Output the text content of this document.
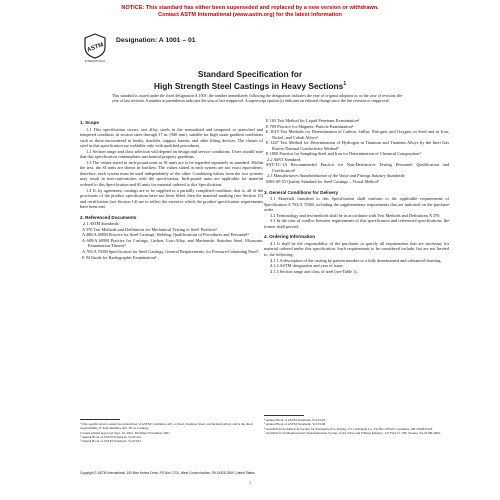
NOTICE: This standard has either been superseded and replaced by a new version or withdrawn.
Contact ASTM International (www.astm.org) for the latest information
ASTM
INTERNATIONAL
Designation: A 1001 – 01
Standard Specification for
High Strength Steel Castings in Heavy Sections$^1$
This standard is issued under the fixed designation A 1001; the number immediately following the designation indicates the year of original adoption or, in the case of revision, the year of last revision. A number in parentheses indicates the year of last reapproval. A superscript epsilon (ε) indicates an editorial change since the last revision or reapproval.
1. Scope

1.1 This specification covers cast alloy steels in the normalized and tempered or quenched and tempered condition, in section sizes through 37 in. (940 mm), suitable for high strain gradient conditions such as those encountered in hooks, shackles, support frames, and other lifting devices. The classes of steel in this specification are weldable only with qualified procedures.

1.2 Section range and class selection will depend on design and service conditions. Users should note that this specification contemplates mechanical property gradients.

1.3 The values stated in inch-pound units or SI units are to be regarded separately as standard. Within the text, the SI units are shown in brackets. The values stated in each system are not exact equivalents; therefore, each system must be used independently of the other. Combining values from the two systems may result in non-conformities with the specification. Inch-pound units are applicable for material ordered to this Specification and SI units for material ordered to this Specification.

1.4 If, by agreement, castings are to be supplied in a partially completed condition, that is, all of the provisions of the product specification have not been filled, then the material marking (see Section 15) and certification (see Section 14) are to reflect the extent to which the product specification requirements have been met.

2. Referenced Documents

2.1 ASTM Standards:

A 370 Test Methods and Definitions for Mechanical Testing of Steel Products²

A 488/A 488M Practice for Steel Castings, Welding, Qualifications of Procedures and Personnel³

A 609/A 609M Practice for Castings, Carbon, Low-Alloy, and Martensitic Stainless Steel, Ultrasonic Examination Thereof³

A 703/A 703M Specification for Steel Castings, General Requirements, for Pressure-Containing Parts³

E 94 Guide for Radiographic Examination⁴

E 165 Test Method for Liquid Penetrant Examination⁴

E 709 Practice for Magnetic Particle Examination⁴

E 1019 Test Methods for Determination of Carbon, Sulfur, Nitrogen, and Oxygen, in Steel and in Iron, Nickel, and Cobalt Alloys⁵

E 1447 Test Method for Determination of Hydrogen in Titanium and Titanium Alloys by the Inert Gas Fusion Thermal Conductivity Method⁵

E 1806 Practice for Sampling Steel and Iron for Determination of Chemical Composition⁵

2.2 ASNT Standard:

SNT-TC-1A Recommended Practice for Non-Destructive Testing Personnel Qualification and Certification⁶

2.3 Manufacturers Standardization of the Value and Fittings Industry Standards:

MSS SP-55 Quality Standard for Steel Castings – Visual Method⁷

3. General Conditions for Delivery

3.1 Materials furnished to this Specification shall conform to the applicable requirements of Specification A 703/A 703M, including the supplementary requirements that are indicated on the purchase order.

3.2 Terminology and test methods shall be in accordance with Test Methods and Definitions A 370.

3.3 In the case of conflict between requirements of this specification and referenced specifications, the former shall prevail.

4. Ordering Information

4.1 It shall be the responsibility of the purchaser to specify all requirements that are necessary for material ordered under this specification. Such requirements to be considered include, but are not limited to, the following:

4.1.1 A description of the casting by pattern number or a fully dimensioned and toleranced drawing,

4.1.2 ASTM designation and year of issue,

4.1.3 Section range and class of steel (see Table 1),

¹ This specification is under the jurisdiction of ASTM Committee A01 on Steel, Stainless Steel, and Related Alloys and is the direct responsibility of Subcommittee A01.18 on Castings.
Current edition approved Sept. 10, 2001. Published November 2001.
² Annual Book of ASTM Standards, Vol 01.02.
³ Annual Book of ASTM Standards, Vol 03.03.
⁴ Annual Book of ASTM Standards, Vol 03.03.
⁵ Annual Book of ASTM Standards, Vol 03.06.
⁶ Available from American Society for Nondestructive Testing, 1711 Arlingate Ln., PO Box 28518, Columbus, OH 43228-0518.
⁷ Available from Manufacturers Standardization Society of the Valve and Fittings Industry, 127 Park St., NE, Vienna, VA 22180-4602.
Copyright © ASTM International, 100 Barr Harbor Drive, PO Box C700, West Conshohocken, PA 19428-2959, United States.
1
